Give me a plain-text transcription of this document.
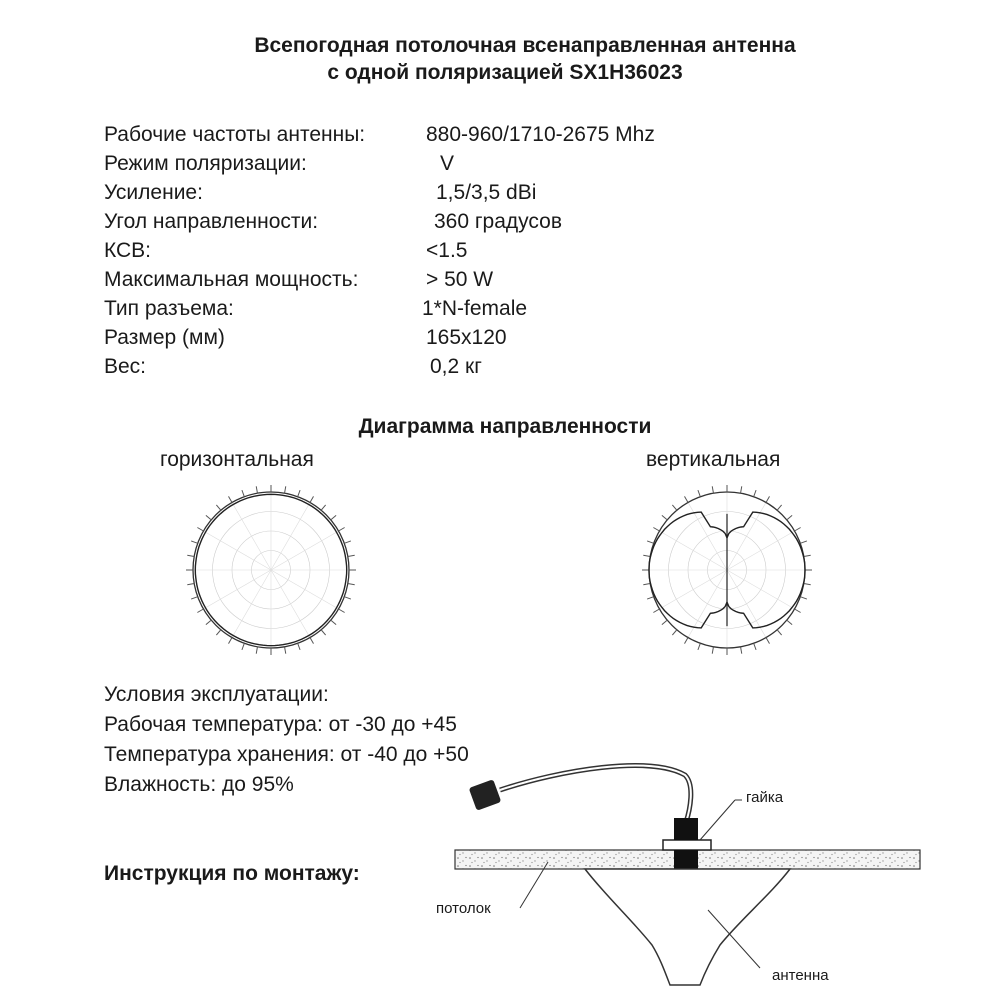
Всепогодная потолочная всенаправленная антенна
с одной поляризацией SX1H36023
Рабочие частоты антенны:	880-960/1710-2675 Mhz
Режим поляризации:	V
Усиление:	1,5/3,5 dBi
Угол направленности:	360 градусов
КСВ:	<1.5
Максимальная мощность:	> 50 W
Тип разъема:	1*N-female
Размер (мм)	165x120
Вес:	0,2 кг
Диаграмма направленности
горизонтальная	вертикальная
Условия эксплуатации:
Рабочая температура: от -30 до +45
Температура хранения: от -40 до +50
Влажность: до 95%
Инструкция по монтажу:
гайка
потолок
антенна
